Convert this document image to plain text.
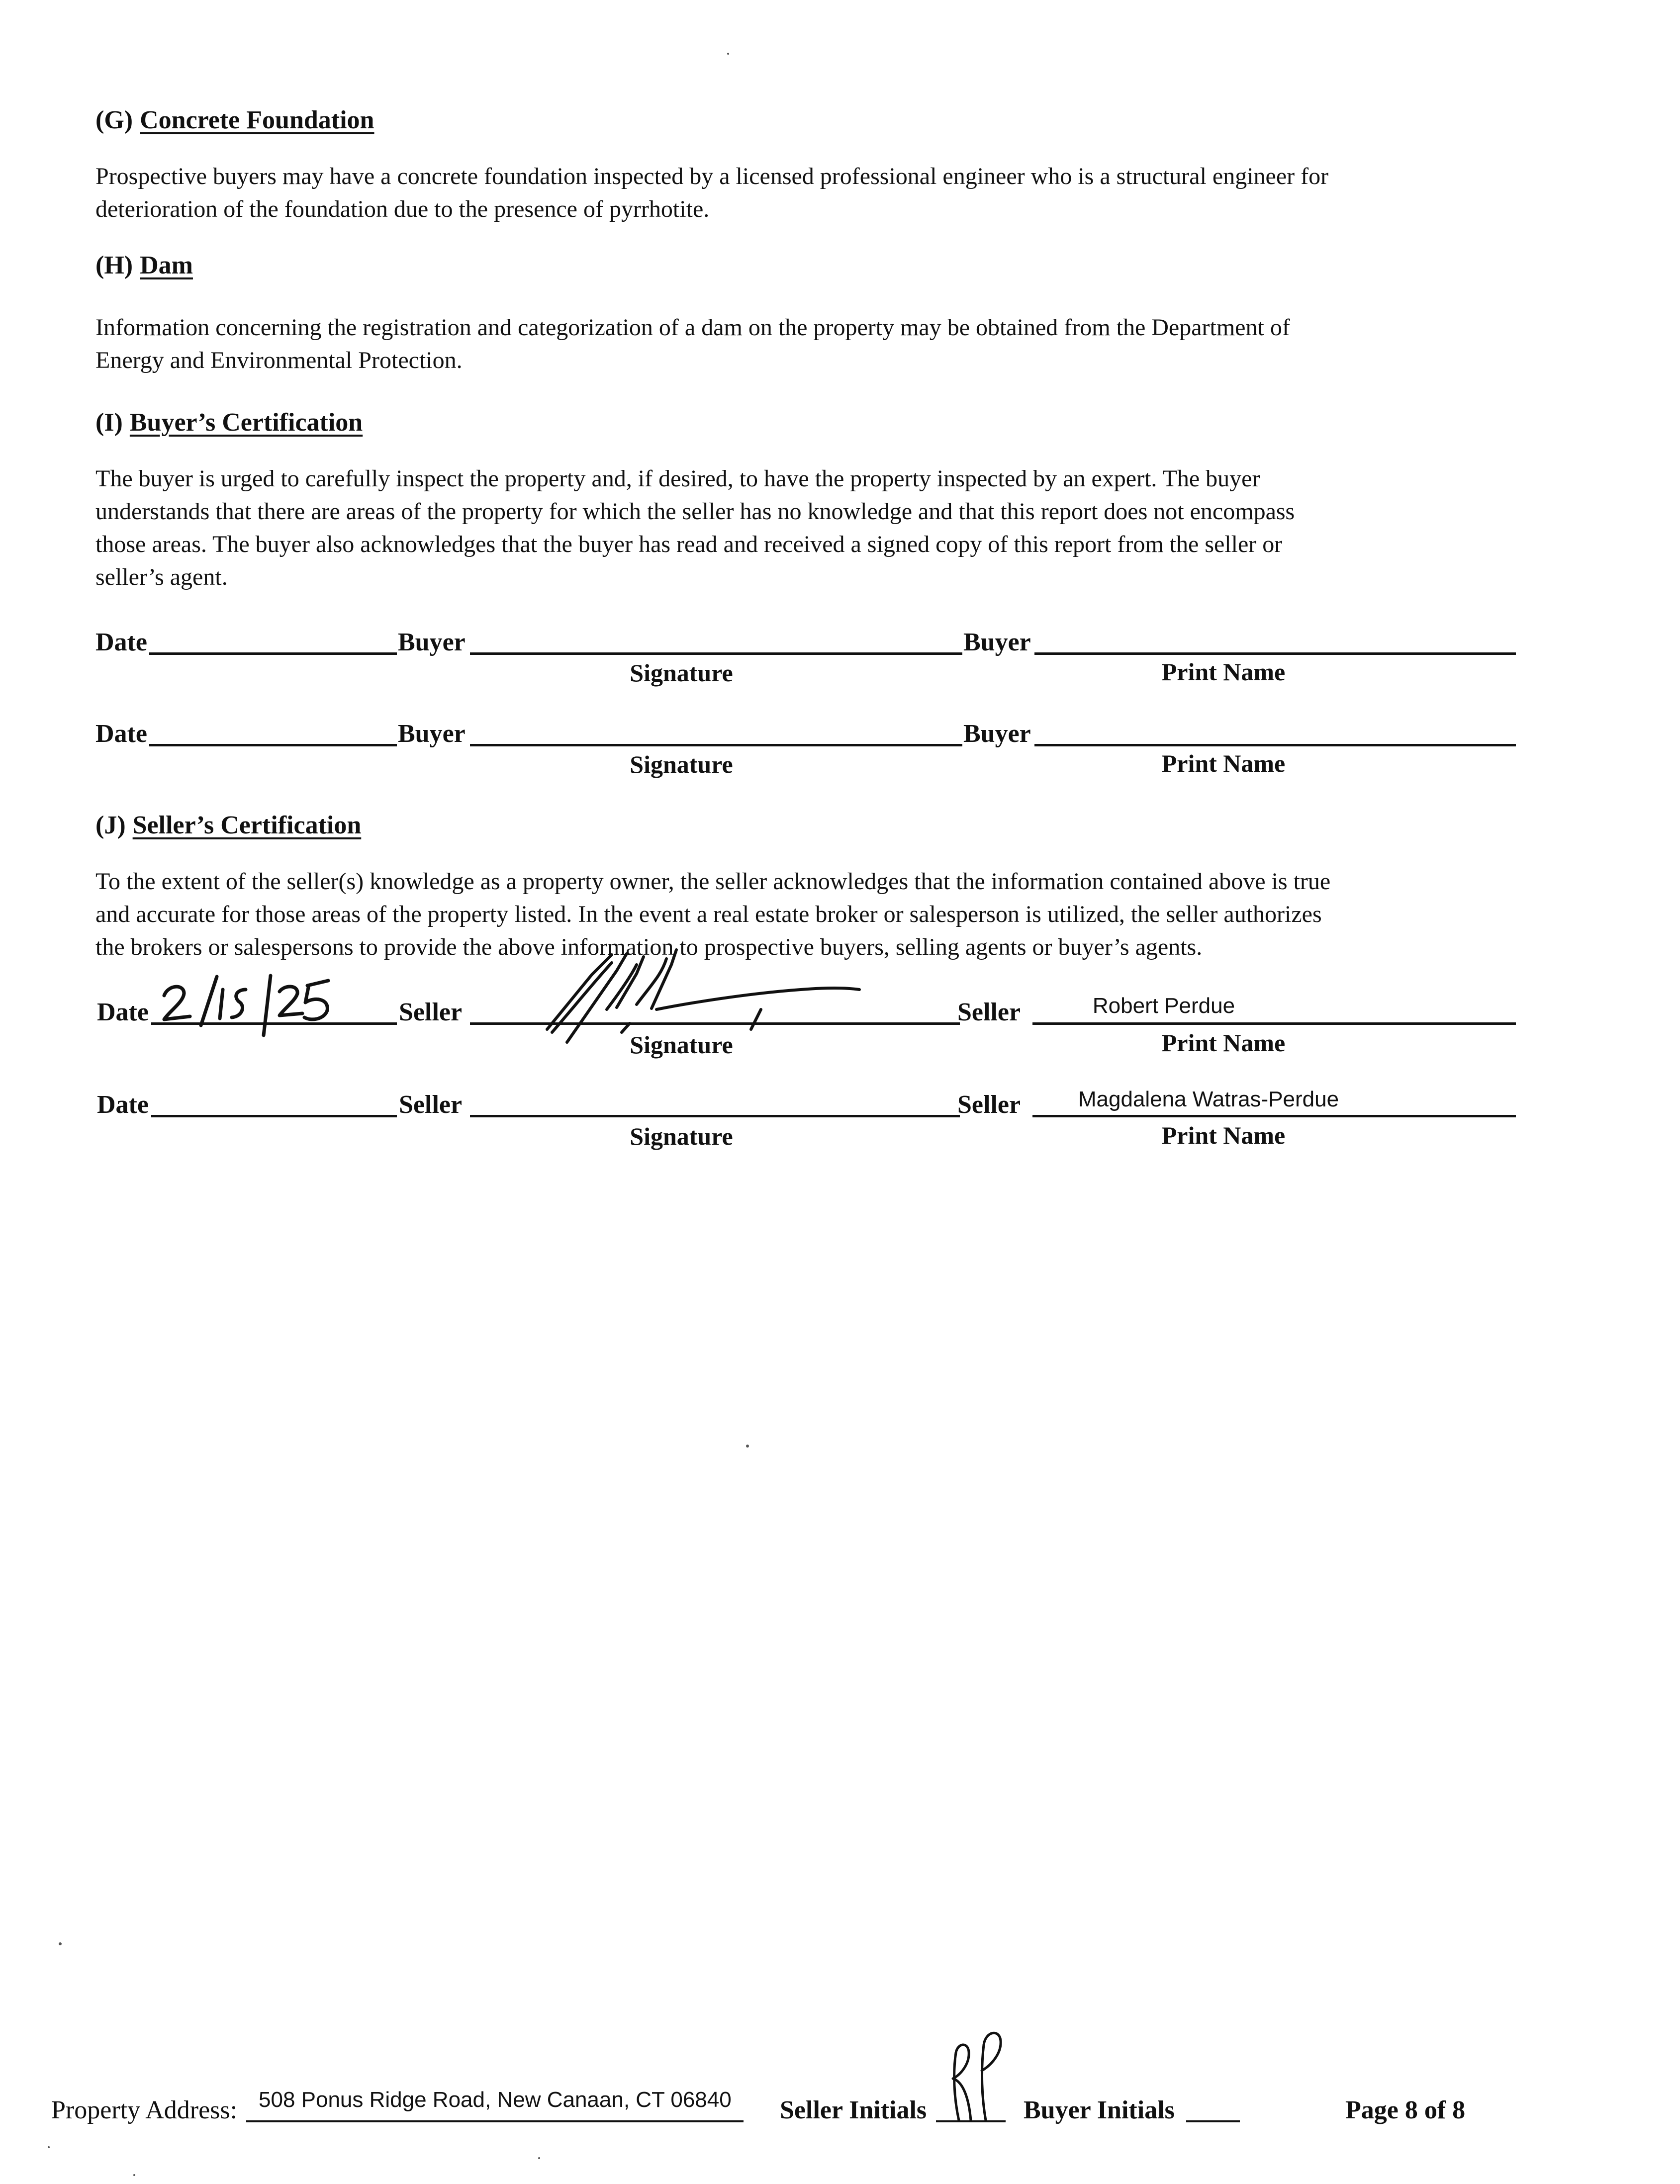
(G) Concrete Foundation
Prospective buyers may have a concrete foundation inspected by a licensed professional engineer who is a structural engineer for
deterioration of the foundation due to the presence of pyrrhotite.
(H) Dam
Information concerning the registration and categorization of a dam on the property may be obtained from the Department of
Energy and Environmental Protection.
(I) Buyer’s Certification
The buyer is urged to carefully inspect the property and, if desired, to have the property inspected by an expert. The buyer
understands that there are areas of the property for which the seller has no knowledge and that this report does not encompass
those areas. The buyer also acknowledges that the buyer has read and received a signed copy of this report from the seller or
seller’s agent.
Date	Buyer	Buyer
Signature	Print Name
Date	Buyer	Buyer
Signature	Print Name
(J) Seller’s Certification
To the extent of the seller(s) knowledge as a property owner, the seller acknowledges that the information contained above is true
and accurate for those areas of the property listed. In the event a real estate broker or salesperson is utilized, the seller authorizes
the brokers or salespersons to provide the above information to prospective buyers, selling agents or buyer’s agents.
Date	Seller	Seller	Robert Perdue
Signature	Print Name
Date	Seller	Seller	Magdalena Watras-Perdue
Signature	Print Name
Property Address: 508 Ponus Ridge Road, New Canaan, CT 06840	Seller Initials	Buyer Initials	Page 8 of 8
